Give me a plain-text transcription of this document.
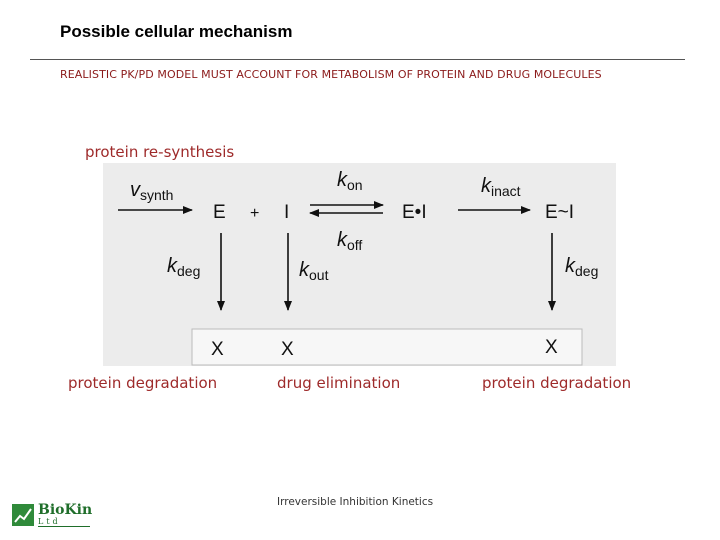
Possible cellular mechanism
REALISTIC PK/PD MODEL MUST ACCOUNT FOR METABOLISM OF PROTEIN AND DRUG MOLECULES
protein re-synthesis
$v_{synth}$
E + I	E•I	E~I
$k_{on}$
$k_{off}$
$k_{inact}$
$k_{deg}$	$k_{out}$	$k_{deg}$
X	X	X
protein degradation	drug elimination	protein degradation
Irreversible Inhibition Kinetics
BioKin
Ltd
